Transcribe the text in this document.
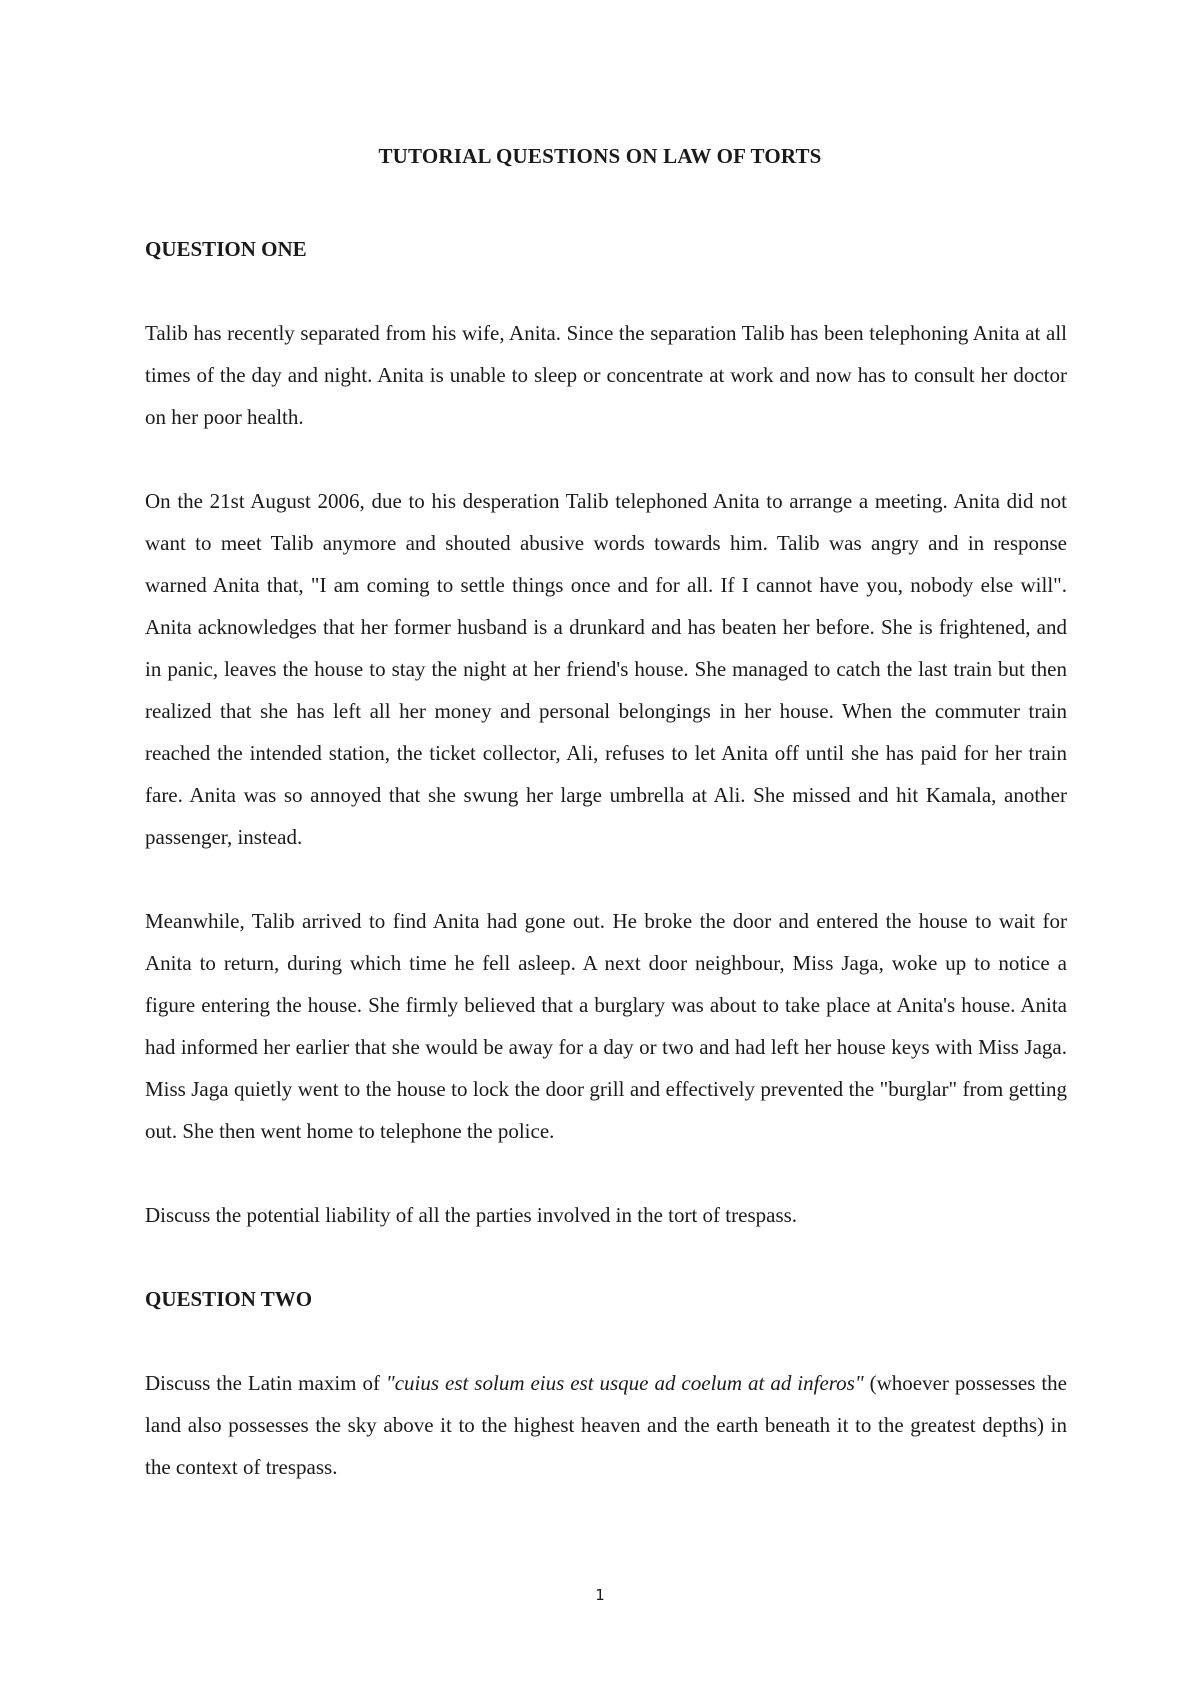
TUTORIAL QUESTIONS ON LAW OF TORTS

QUESTION ONE

Talib has recently separated from his wife, Anita. Since the separation Talib has been telephoning Anita at all times of the day and night. Anita is unable to sleep or concentrate at work and now has to consult her doctor on her poor health.

On the 21st August 2006, due to his desperation Talib telephoned Anita to arrange a meeting. Anita did not want to meet Talib anymore and shouted abusive words towards him. Talib was angry and in response warned Anita that, "I am coming to settle things once and for all. If I cannot have you, nobody else will". Anita acknowledges that her former husband is a drunkard and has beaten her before. She is frightened, and in panic, leaves the house to stay the night at her friend's house. She managed to catch the last train but then realized that she has left all her money and personal belongings in her house. When the commuter train reached the intended station, the ticket collector, Ali, refuses to let Anita off until she has paid for her train fare. Anita was so annoyed that she swung her large umbrella at Ali. She missed and hit Kamala, another passenger, instead.

Meanwhile, Talib arrived to find Anita had gone out. He broke the door and entered the house to wait for Anita to return, during which time he fell asleep. A next door neighbour, Miss Jaga, woke up to notice a figure entering the house. She firmly believed that a burglary was about to take place at Anita's house. Anita had informed her earlier that she would be away for a day or two and had left her house keys with Miss Jaga. Miss Jaga quietly went to the house to lock the door grill and effectively prevented the "burglar" from getting out. She then went home to telephone the police.

Discuss the potential liability of all the parties involved in the tort of trespass.

QUESTION TWO

Discuss the Latin maxim of "cuius est solum eius est usque ad coelum at ad inferos" (whoever possesses the land also possesses the sky above it to the highest heaven and the earth beneath it to the greatest depths) in the context of trespass.

1
